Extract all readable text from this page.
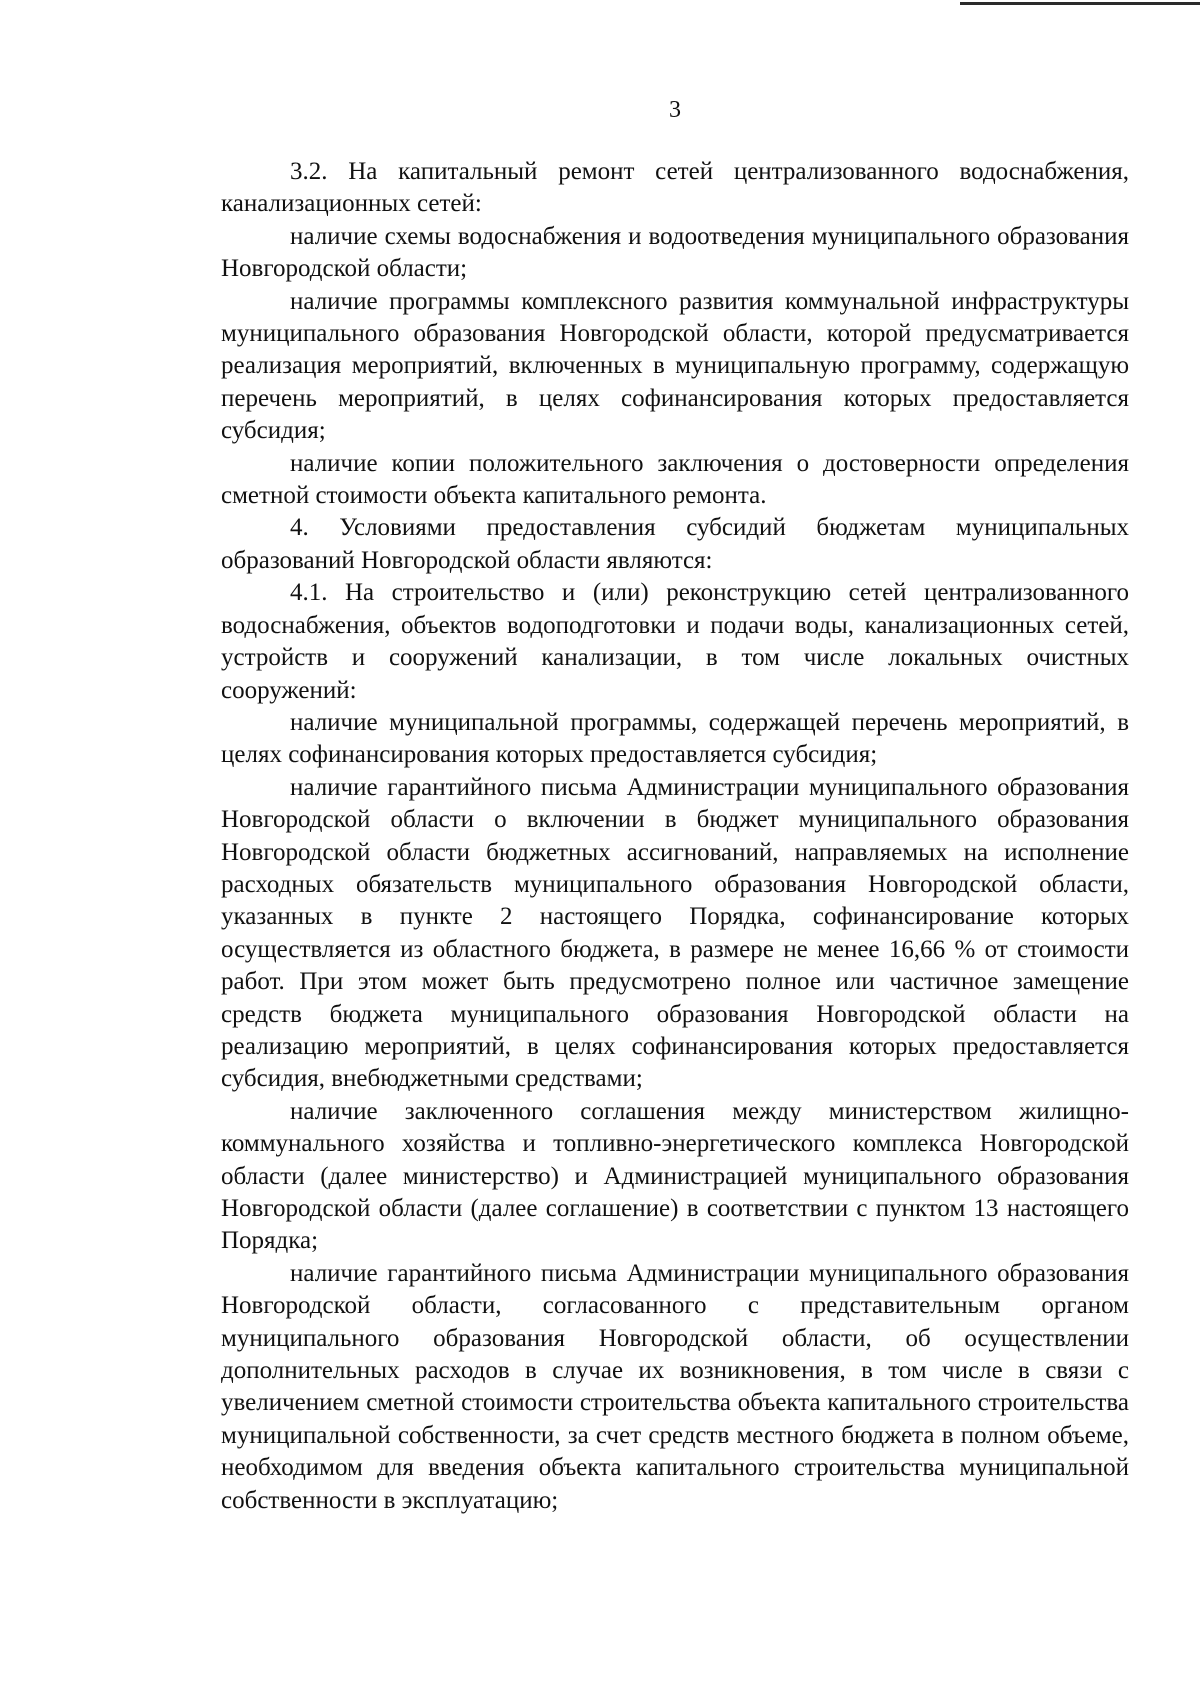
3

3.2. На капитальный ремонт сетей централизованного водоснабжения, канализационных сетей:

наличие схемы водоснабжения и водоотведения муниципального образования Новгородской области;

наличие программы комплексного развития коммунальной инфраструктуры муниципального образования Новгородской области, которой предусматривается реализация мероприятий, включенных в муниципальную программу, содержащую перечень мероприятий, в целях софинансирования которых предоставляется субсидия;

наличие копии положительного заключения о достоверности определения сметной стоимости объекта капитального ремонта.

4. Условиями предоставления субсидий бюджетам муниципальных образований Новгородской области являются:

4.1. На строительство и (или) реконструкцию сетей централизованного водоснабжения, объектов водоподготовки и подачи воды, канализационных сетей, устройств и сооружений канализации, в том числе локальных очистных сооружений:

наличие муниципальной программы, содержащей перечень мероприятий, в целях софинансирования которых предоставляется субсидия;

наличие гарантийного письма Администрации муниципального образования Новгородской области о включении в бюджет муниципального образования Новгородской области бюджетных ассигнований, направляемых на исполнение расходных обязательств муниципального образования Новгородской области, указанных в пункте 2 настоящего Порядка, софинансирование которых осуществляется из областного бюджета, в размере не менее 16,66 % от стоимости работ. При этом может быть предусмотрено полное или частичное замещение средств бюджета муниципального образования Новгородской области на реализацию мероприятий, в целях софинансирования которых предоставляется субсидия, внебюджетными средствами;

наличие заключенного соглашения между министерством жилищно-коммунального хозяйства и топливно-энергетического комплекса Новгородской области (далее министерство) и Администрацией муниципального образования Новгородской области (далее соглашение) в соответствии с пунктом 13 настоящего Порядка;

наличие гарантийного письма Администрации муниципального образования Новгородской области, согласованного с представительным органом муниципального образования Новгородской области, об осуществлении дополнительных расходов в случае их возникновения, в том числе в связи с увеличением сметной стоимости строительства объекта капитального строительства муниципальной собственности, за счет средств местного бюджета в полном объеме, необходимом для введения объекта капитального строительства муниципальной собственности в эксплуатацию;
